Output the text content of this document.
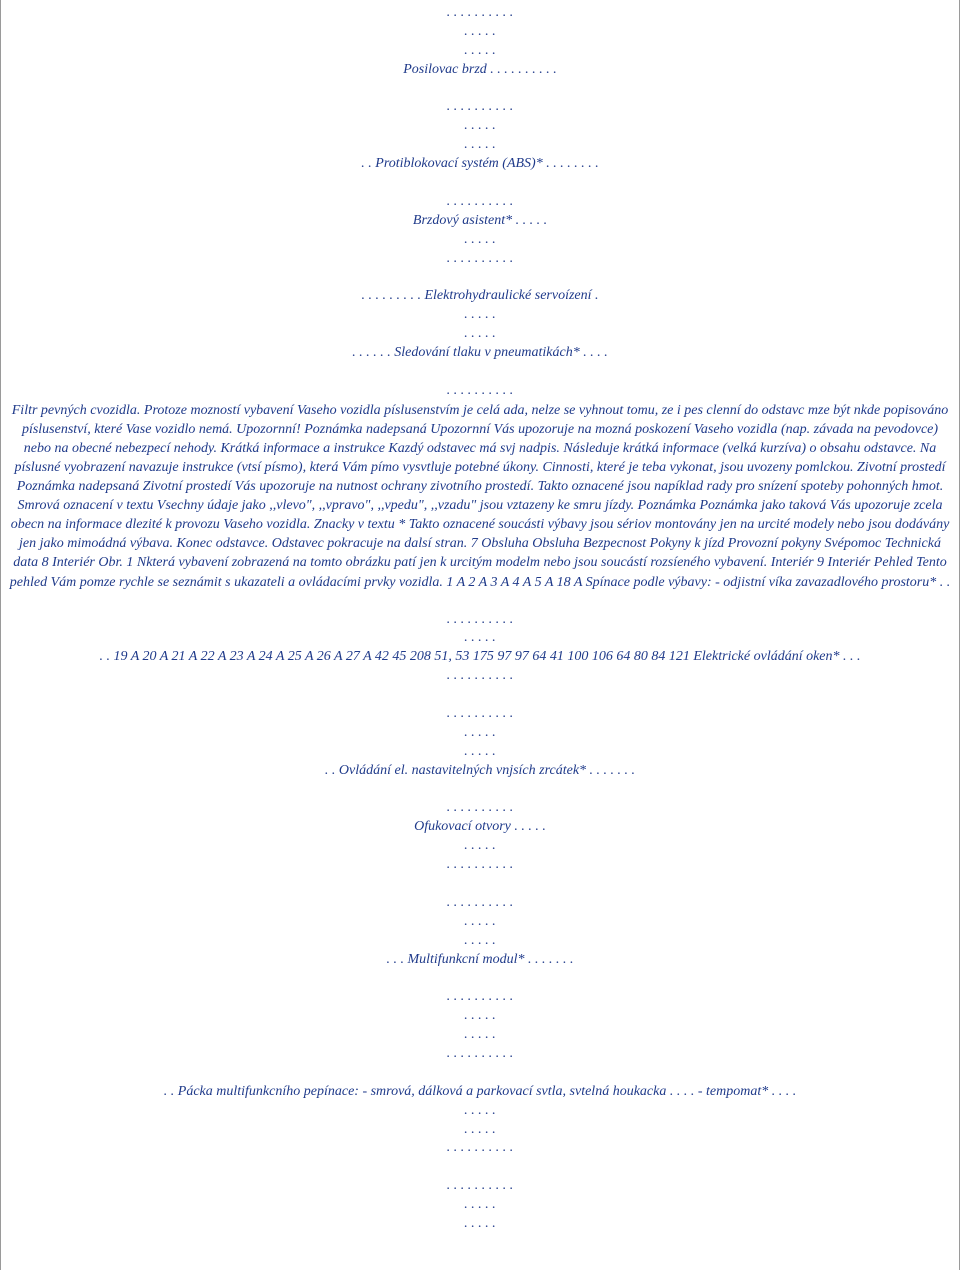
. . . . . . . . . .
. . . . .
. . . . .
Posilovac brzd . . . . . . . . . .
. . . . . . . . . .
. . . . .
. . . . .
. . Protiblokovací systém (ABS)* . . . . . . . .
. . . . . . . . . .
Brzdový asistent* . . . . .
. . . . .
. . . . . . . . . .
. . . . . . . . . Elektrohydraulické servoízení .
. . . . .
. . . . .
. . . . . . Sledování tlaku v pneumatikách* . . . .
. . . . . . . . . .
Filtr pevných cvozidla. Protoze mozností vybavení Vaseho vozidla píslusenstvím je celá ada, nelze se vyhnout tomu, ze i pes clenní do odstavc mze být nkde popisováno píslusenství, které Vase vozidlo nemá. Upozornní! Poznámka nadepsaná Upozornní Vás upozoruje na mozná poskození Vaseho vozidla (nap. závada na pevodovce) nebo na obecné nebezpecí nehody. Krátká informace a instrukce Kazdý odstavec má svj nadpis. Následuje krátká informace (velká kurzíva) o obsahu odstavce. Na píslusné vyobrazení navazuje instrukce (vtsí písmo), která Vám pímo vysvtluje potebné úkony. Cinnosti, které je teba vykonat, jsou uvozeny pomlckou. Zivotní prostedí Poznámka nadepsaná Zivotní prostedí Vás upozoruje na nutnost ochrany zivotního prostedí. Takto oznacené jsou napíklad rady pro snízení spoteby pohonných hmot. Smrová oznacení v textu Vsechny údaje jako ,,vlevo", ,,vpravo", ,,vpedu", ,,vzadu" jsou vztazeny ke smru jízdy. Poznámka Poznámka jako taková Vás upozoruje zcela obecn na informace dlezité k provozu Vaseho vozidla. Znacky v textu * Takto oznacené soucásti výbavy jsou sériov montovány jen na urcité modely nebo jsou dodávány jen jako mimoádná výbava. Konec odstavce. Odstavec pokracuje na dalsí stran. 7 Obsluha Obsluha Bezpecnost Pokyny k jízd Provozní pokyny Svépomoc Technická data 8 Interiér Obr. 1 Nkterá vybavení zobrazená na tomto obrázku patí jen k urcitým modelm nebo jsou soucástí rozsíeného vybavení. Interiér 9 Interiér Pehled Tento pehled Vám pomze rychle se seznámit s ukazateli a ovládacími prvky vozidla. 1 A 2 A 3 A 4 A 5 A 18 A Spínace podle výbavy: - odjistní víka zavazadlového prostoru* . .
. . . . . . . . . .
. . . . .
. . 19 A 20 A 21 A 22 A 23 A 24 A 25 A 26 A 27 A 42 45 208 51, 53 175 97 97 64 41 100 106 64 80 84 121 Elektrické ovládání oken* . . .
. . . . . . . . . .
. . . . . . . . . .
. . . . .
. . . . .
. . Ovládání el. nastavitelných vnjsích zrcátek* . . . . . . .
. . . . . . . . . .
Ofukovací otvory . . . . .
. . . . .
. . . . . . . . . .
. . . . . . . . . .
. . . . .
. . . . .
. . . Multifunkcní modul* . . . . . . .
. . . . . . . . . .
. . . . .
. . . . .
. . . . . . . . . .
. . Pácka multifunkcního pepínace: - smrová, dálková a parkovací svtla, svtelná houkacka . . . . - tempomat* . . . .
. . . . .
. . . . .
. . . . . . . . . .
. . . . . . . . . .
. . . . .
. . . . .
